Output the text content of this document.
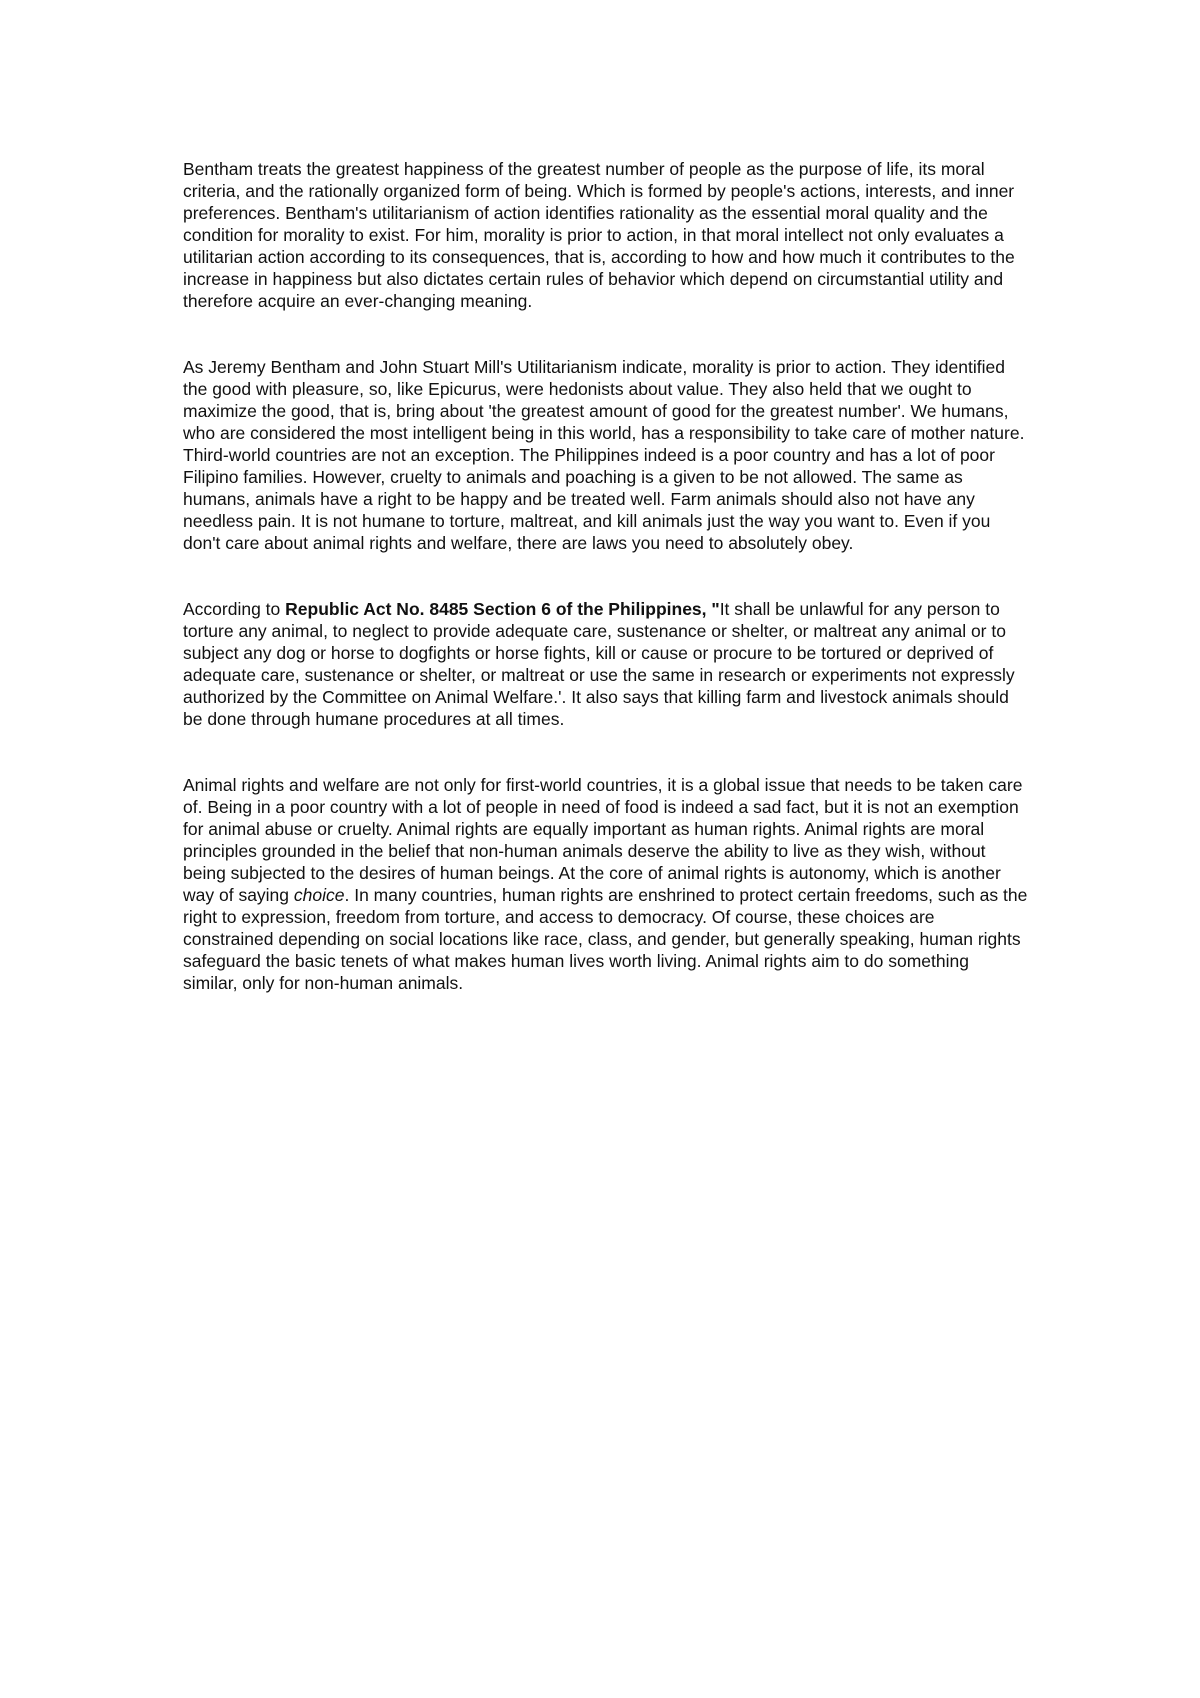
Bentham treats the greatest happiness of the greatest number of people as the purpose of life, its moral criteria, and the rationally organized form of being. Which is formed by people's actions, interests, and inner preferences. Bentham's utilitarianism of action identifies rationality as the essential moral quality and the condition for morality to exist. For him, morality is prior to action, in that moral intellect not only evaluates a utilitarian action according to its consequences, that is, according to how and how much it contributes to the increase in happiness but also dictates certain rules of behavior which depend on circumstantial utility and therefore acquire an ever-changing meaning.

As Jeremy Bentham and John Stuart Mill's Utilitarianism indicate, morality is prior to action. They identified the good with pleasure, so, like Epicurus, were hedonists about value. They also held that we ought to maximize the good, that is, bring about 'the greatest amount of good for the greatest number'. We humans, who are considered the most intelligent being in this world, has a responsibility to take care of mother nature. Third-world countries are not an exception. The Philippines indeed is a poor country and has a lot of poor Filipino families. However, cruelty to animals and poaching is a given to be not allowed. The same as humans, animals have a right to be happy and be treated well. Farm animals should also not have any needless pain. It is not humane to torture, maltreat, and kill animals just the way you want to. Even if you don't care about animal rights and welfare, there are laws you need to absolutely obey.

According to Republic Act No. 8485 Section 6 of the Philippines, "It shall be unlawful for any person to torture any animal, to neglect to provide adequate care, sustenance or shelter, or maltreat any animal or to subject any dog or horse to dogfights or horse fights, kill or cause or procure to be tortured or deprived of adequate care, sustenance or shelter, or maltreat or use the same in research or experiments not expressly authorized by the Committee on Animal Welfare.'. It also says that killing farm and livestock animals should be done through humane procedures at all times.

Animal rights and welfare are not only for first-world countries, it is a global issue that needs to be taken care of. Being in a poor country with a lot of people in need of food is indeed a sad fact, but it is not an exemption for animal abuse or cruelty. Animal rights are equally important as human rights. Animal rights are moral principles grounded in the belief that non-human animals deserve the ability to live as they wish, without being subjected to the desires of human beings. At the core of animal rights is autonomy, which is another way of saying choice. In many countries, human rights are enshrined to protect certain freedoms, such as the right to expression, freedom from torture, and access to democracy. Of course, these choices are constrained depending on social locations like race, class, and gender, but generally speaking, human rights safeguard the basic tenets of what makes human lives worth living. Animal rights aim to do something similar, only for non-human animals.
